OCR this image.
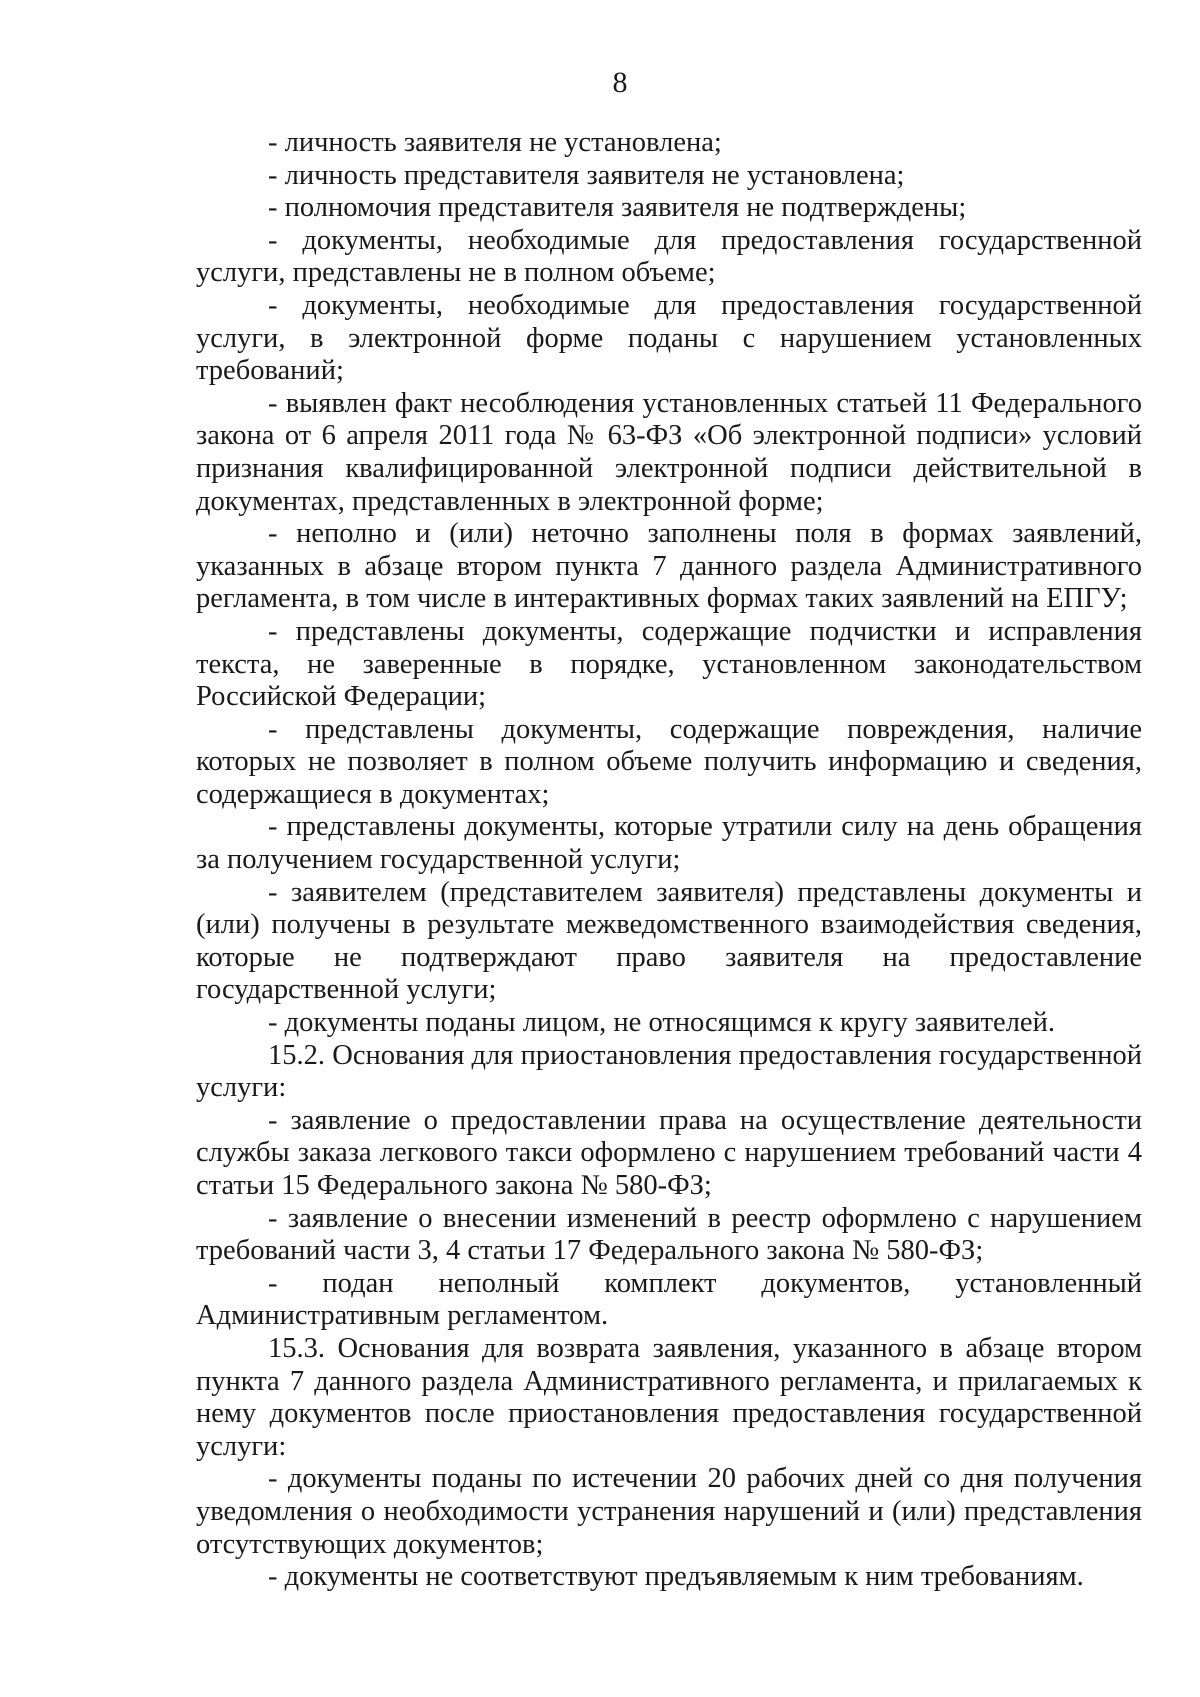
8

- личность заявителя не установлена;

- личность представителя заявителя не установлена;

- полномочия представителя заявителя не подтверждены;

- документы, необходимые для предоставления государственной услуги, представлены не в полном объеме;

- документы, необходимые для предоставления государственной услуги, в электронной форме поданы с нарушением установленных требований;

- выявлен факт несоблюдения установленных статьей 11 Федерального закона от 6 апреля 2011 года № 63-ФЗ «Об электронной подписи» условий признания квалифицированной электронной подписи действительной в документах, представленных в электронной форме;

- неполно и (или) неточно заполнены поля в формах заявлений, указанных в абзаце втором пункта 7 данного раздела Административного регламента, в том числе в интерактивных формах таких заявлений на ЕПГУ;

- представлены документы, содержащие подчистки и исправления текста, не заверенные в порядке, установленном законодательством Российской Федерации;

- представлены документы, содержащие повреждения, наличие которых не позволяет в полном объеме получить информацию и сведения, содержащиеся в документах;

- представлены документы, которые утратили силу на день обращения за получением государственной услуги;

- заявителем (представителем заявителя) представлены документы и (или) получены в результате межведомственного взаимодействия сведения, которые не подтверждают право заявителя на предоставление государственной услуги;

- документы поданы лицом, не относящимся к кругу заявителей.

15.2. Основания для приостановления предоставления государственной услуги:

- заявление о предоставлении права на осуществление деятельности службы заказа легкового такси оформлено с нарушением требований части 4 статьи 15 Федерального закона № 580-ФЗ;

- заявление о внесении изменений в реестр оформлено с нарушением требований части 3, 4 статьи 17 Федерального закона № 580-ФЗ;

- подан неполный комплект документов, установленный Административным регламентом.

15.3. Основания для возврата заявления, указанного в абзаце втором пункта 7 данного раздела Административного регламента, и прилагаемых к нему документов после приостановления предоставления государственной услуги:

- документы поданы по истечении 20 рабочих дней со дня получения уведомления о необходимости устранения нарушений и (или) представления отсутствующих документов;

- документы не соответствуют предъявляемым к ним требованиям.
